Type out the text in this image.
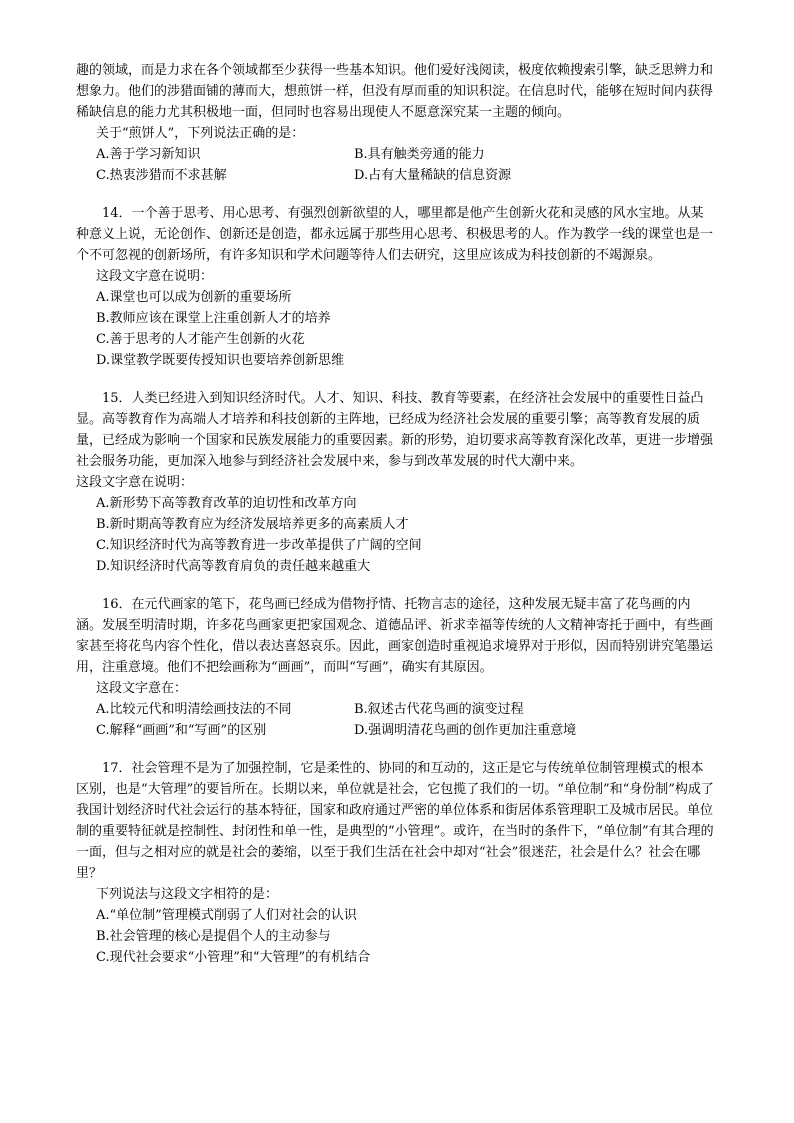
趣的领域，而是力求在各个领域都至少获得一些基本知识。他们爱好浅阅读，极度依赖搜索引擎，缺乏思辨力和想象力。他们的涉猎面铺的薄而大，想煎饼一样，但没有厚而重的知识积淀。在信息时代，能够在短时间内获得稀缺信息的能力尤其积极地一面，但同时也容易出现使人不愿意深究某一主题的倾向。

关于“煎饼人”，下列说法正确的是：

A.善于学习新知识	B.具有触类旁通的能力
C.热衷涉猎而不求甚解	D.占有大量稀缺的信息资源

14．一个善于思考、用心思考、有强烈创新欲望的人，哪里都是他产生创新火花和灵感的风水宝地。从某种意义上说，无论创作、创新还是创造，都永远属于那些用心思考、积极思考的人。作为教学一线的课堂也是一个不可忽视的创新场所，有许多知识和学术问题等待人们去研究，这里应该成为科技创新的不竭源泉。

这段文字意在说明：

A.课堂也可以成为创新的重要场所
B.教师应该在课堂上注重创新人才的培养
C.善于思考的人才能产生创新的火花
D.课堂教学既要传授知识也要培养创新思维

15．人类已经进入到知识经济时代。人才、知识、科技、教育等要素，在经济社会发展中的重要性日益凸显。高等教育作为高端人才培养和科技创新的主阵地，已经成为经济社会发展的重要引擎；高等教育发展的质量，已经成为影响一个国家和民族发展能力的重要因素。新的形势，迫切要求高等教育深化改革，更进一步增强社会服务功能，更加深入地参与到经济社会发展中来，参与到改革发展的时代大潮中来。

这段文字意在说明：

A.新形势下高等教育改革的迫切性和改革方向
B.新时期高等教育应为经济发展培养更多的高素质人才
C.知识经济时代为高等教育进一步改革提供了广阔的空间
D.知识经济时代高等教育肩负的责任越来越重大

16．在元代画家的笔下，花鸟画已经成为借物抒情、托物言志的途径，这种发展无疑丰富了花鸟画的内涵。发展至明清时期，许多花鸟画家更把家国观念、道德品评、祈求幸福等传统的人文精神寄托于画中，有些画家甚至将花鸟内容个性化，借以表达喜怒哀乐。因此，画家创造时重视追求境界对于形似，因而特别讲究笔墨运用，注重意境。他们不把绘画称为“画画”，而叫“写画”，确实有其原因。

这段文字意在：

A.比较元代和明清绘画技法的不同	B.叙述古代花鸟画的演变过程
C.解释“画画”和“写画”的区别	D.强调明清花鸟画的创作更加注重意境

17．社会管理不是为了加强控制，它是柔性的、协同的和互动的，这正是它与传统单位制管理模式的根本区别，也是“大管理”的要旨所在。长期以来，单位就是社会，它包揽了我们的一切。“单位制”和“身份制”构成了我国计划经济时代社会运行的基本特征，国家和政府通过严密的单位体系和街居体系管理职工及城市居民。单位制的重要特征就是控制性、封闭性和单一性，是典型的“小管理”。或许，在当时的条件下，“单位制”有其合理的一面，但与之相对应的就是社会的萎缩，以至于我们生活在社会中却对“社会”很迷茫，社会是什么？社会在哪里？

下列说法与这段文字相符的是：

A.“单位制”管理模式削弱了人们对社会的认识
B.社会管理的核心是提倡个人的主动参与
C.现代社会要求“小管理”和“大管理”的有机结合
